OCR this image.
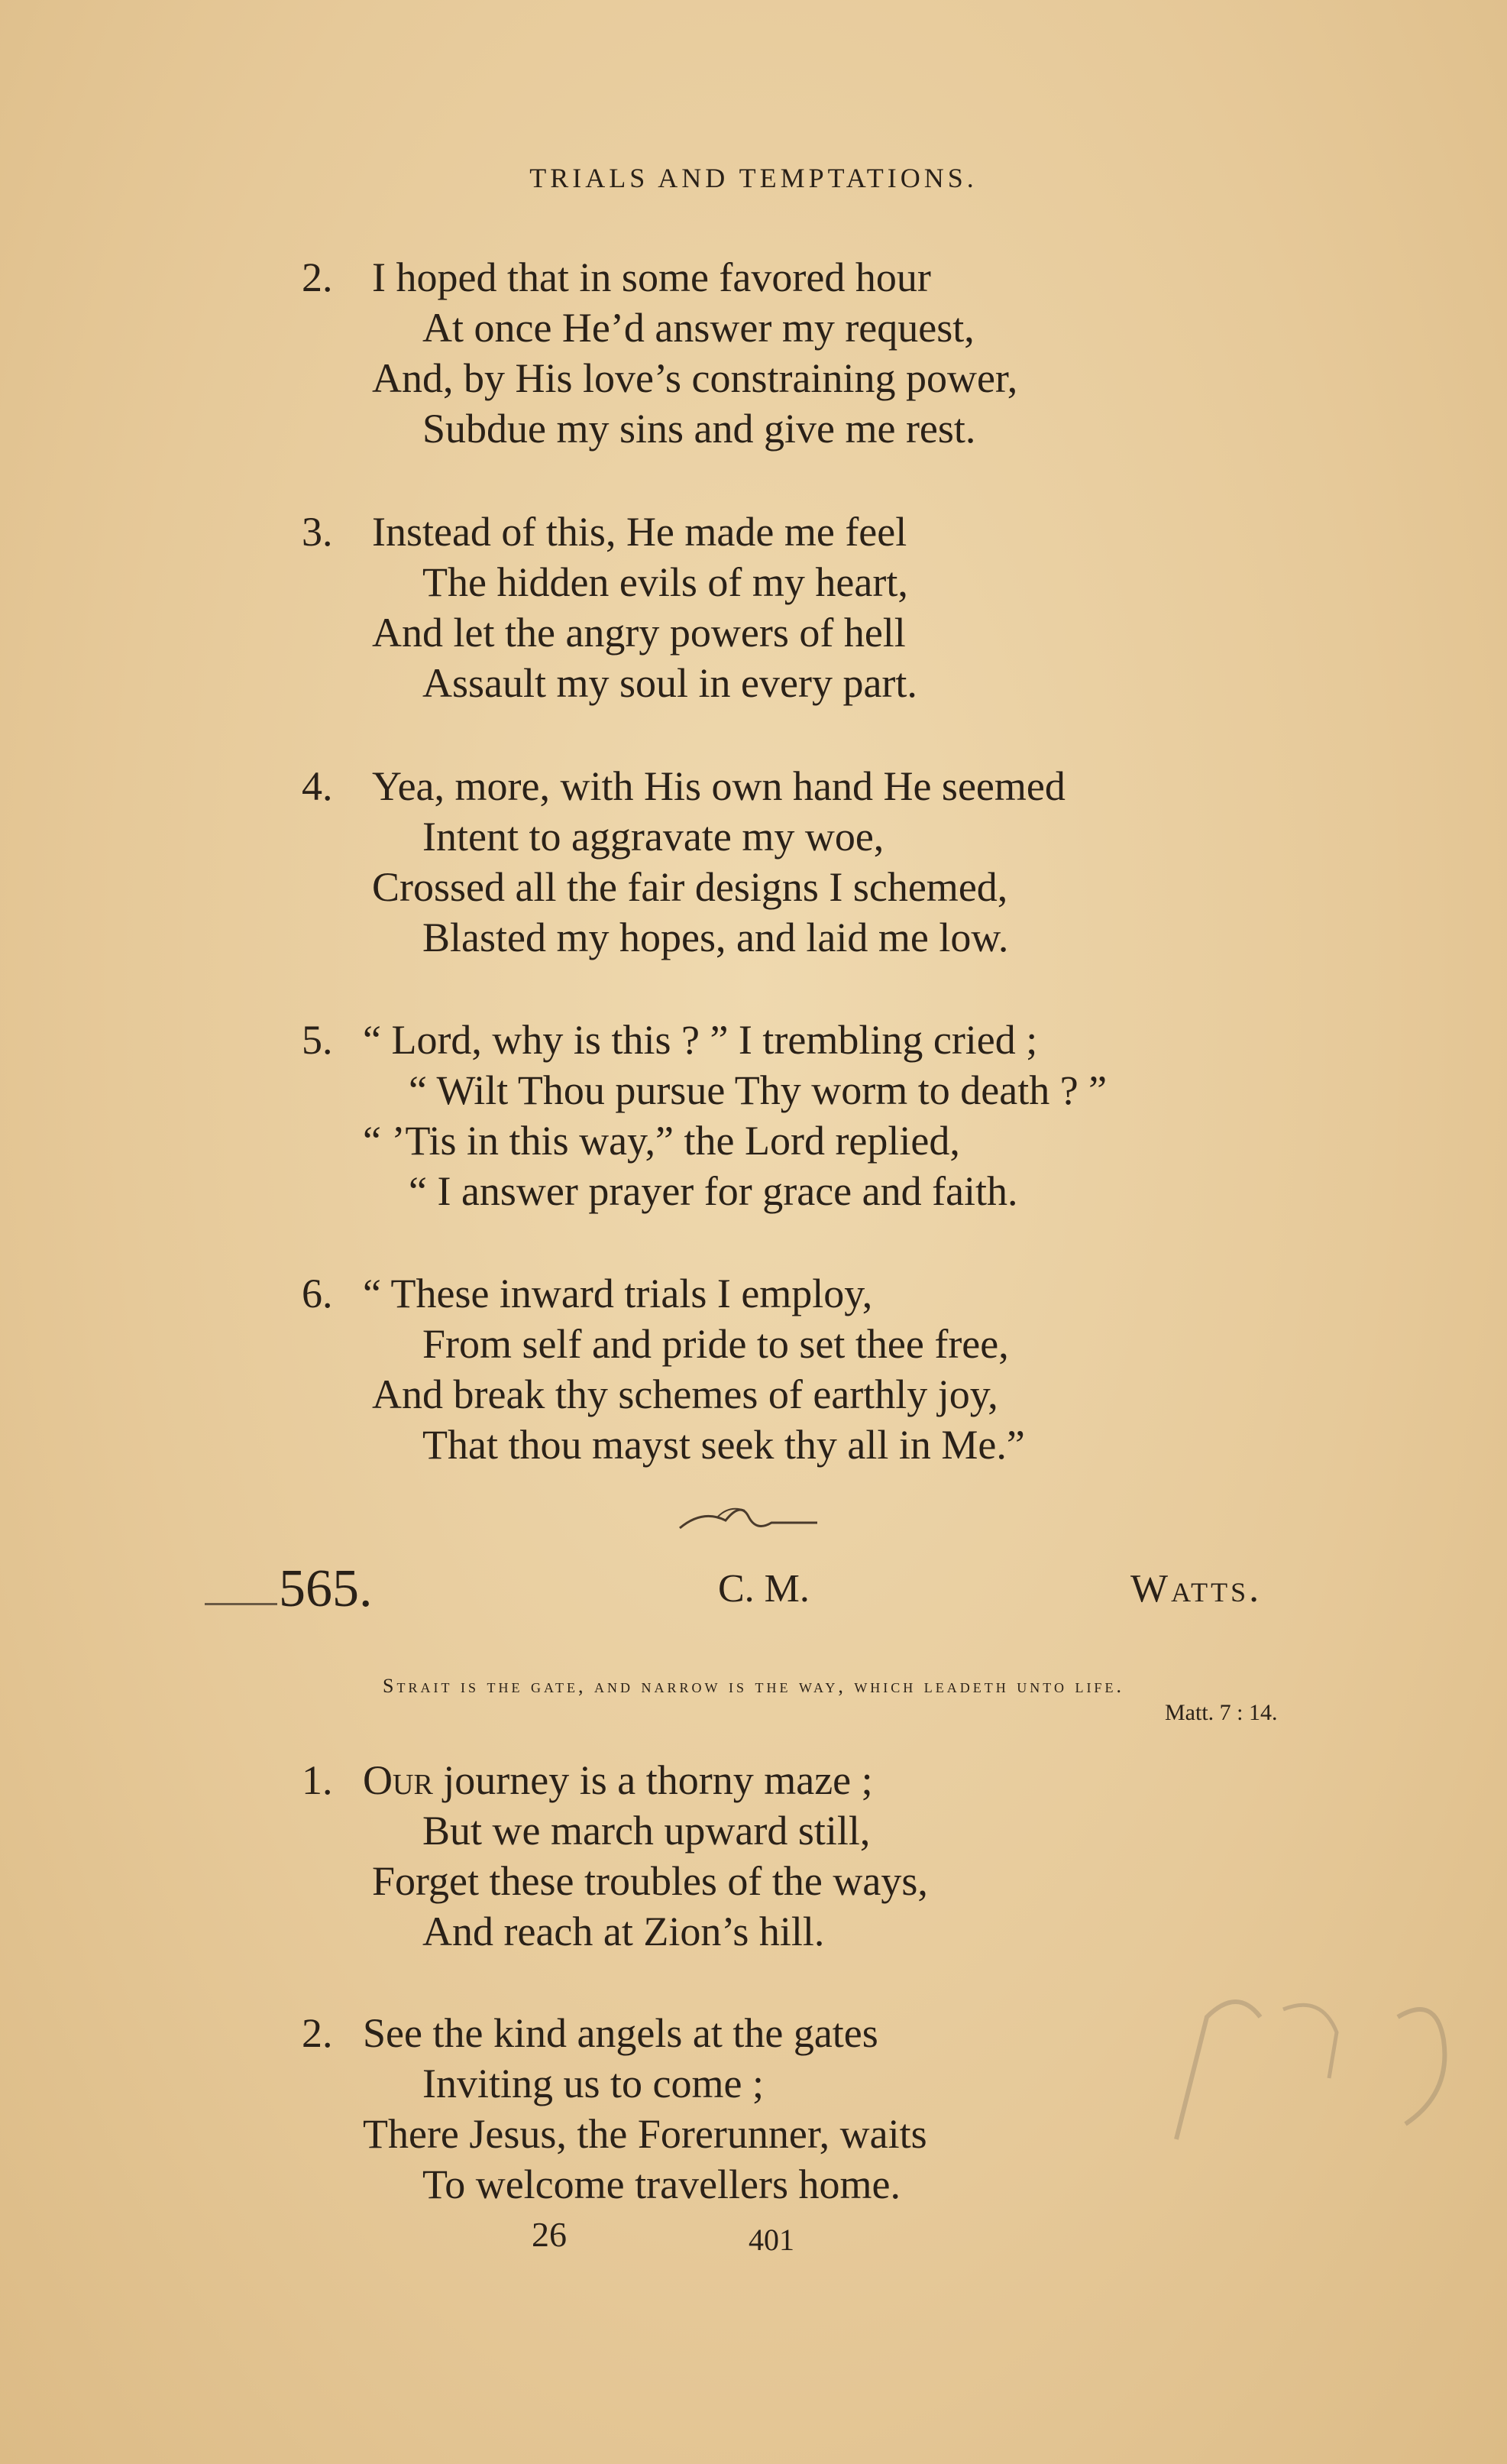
TRIALS AND TEMPTATIONS.
2. I hoped that in some favored hour
At once He’d answer my request,
And, by His love’s constraining power,
Subdue my sins and give me rest.
3. Instead of this, He made me feel
The hidden evils of my heart,
And let the angry powers of hell
Assault my soul in every part.
4. Yea, more, with His own hand He seemed
Intent to aggravate my woe,
Crossed all the fair designs I schemed,
Blasted my hopes, and laid me low.
5. “ Lord, why is this ? ” I trembling cried ;
“ Wilt Thou pursue Thy worm to death ? ”
“ ’Tis in this way,” the Lord replied,
“ I answer prayer for grace and faith.
6. “ These inward trials I employ,
From self and pride to set thee free,
And break thy schemes of earthly joy,
That thou mayst seek thy all in Me.”
565.	C. M.	Watts.
Strait is the gate, and narrow is the way, which leadeth unto life.
Matt. 7 : 14.
1. Our journey is a thorny maze ;
But we march upward still,
Forget these troubles of the ways,
And reach at Zion’s hill.
2. See the kind angels at the gates
Inviting us to come ;
There Jesus, the Forerunner, waits
To welcome travellers home.
26	401
